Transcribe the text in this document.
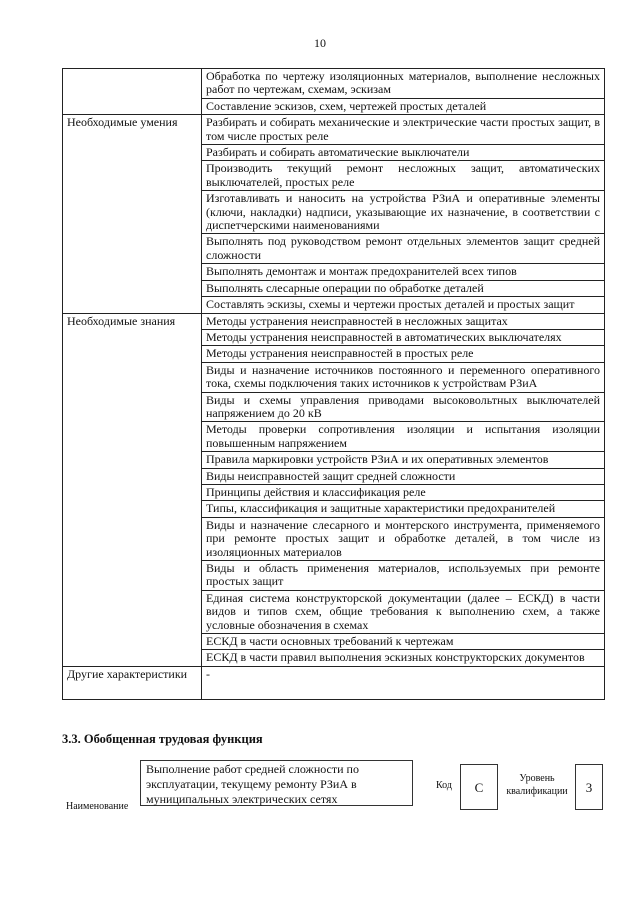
10
	Обработка по чертежу изоляционных материалов, выполнение несложных работ по чертежам, схемам, эскизам
	Составление эскизов, схем, чертежей простых деталей
Необходимые умения	Разбирать и собирать механические и электрические части простых защит, в том числе простых реле
	Разбирать и собирать автоматические выключатели
	Производить текущий ремонт несложных защит, автоматических выключателей, простых реле
	Изготавливать и наносить на устройства РЗиА и оперативные элементы (ключи, накладки) надписи, указывающие их назначение, в соответствии с диспетчерскими наименованиями
	Выполнять под руководством ремонт отдельных элементов защит средней сложности
	Выполнять демонтаж и монтаж предохранителей всех типов
	Выполнять слесарные операции по обработке деталей
	Составлять эскизы, схемы и чертежи простых деталей и простых защит
Необходимые знания	Методы устранения неисправностей в несложных защитах
	Методы устранения неисправностей в автоматических выключателях
	Методы устранения неисправностей в простых реле
	Виды и назначение источников постоянного и переменного оперативного тока, схемы подключения таких источников к устройствам РЗиА
	Виды и схемы управления приводами высоковольтных выключателей напряжением до 20 кВ
	Методы проверки сопротивления изоляции и испытания изоляции повышенным напряжением
	Правила маркировки устройств РЗиА и их оперативных элементов
	Виды неисправностей защит средней сложности
	Принципы действия и классификация реле
	Типы, классификация и защитные характеристики предохранителей
	Виды и назначение слесарного и монтерского инструмента, применяемого при ремонте простых защит и обработке деталей, в том числе из изоляционных материалов
	Виды и область применения материалов, используемых при ремонте простых защит
	Единая система конструкторской документации (далее – ЕСКД) в части видов и типов схем, общие требования к выполнению схем, а также условные обозначения в схемах
	ЕСКД в части основных требований к чертежам
	ЕСКД в части правил выполнения эскизных конструкторских документов
Другие характеристики	-
3.3. Обобщенная трудовая функция
Наименование
Выполнение работ средней сложности по эксплуатации, текущему ремонту РЗиА в муниципальных электрических сетях
Код	С
Уровень квалификации	3
